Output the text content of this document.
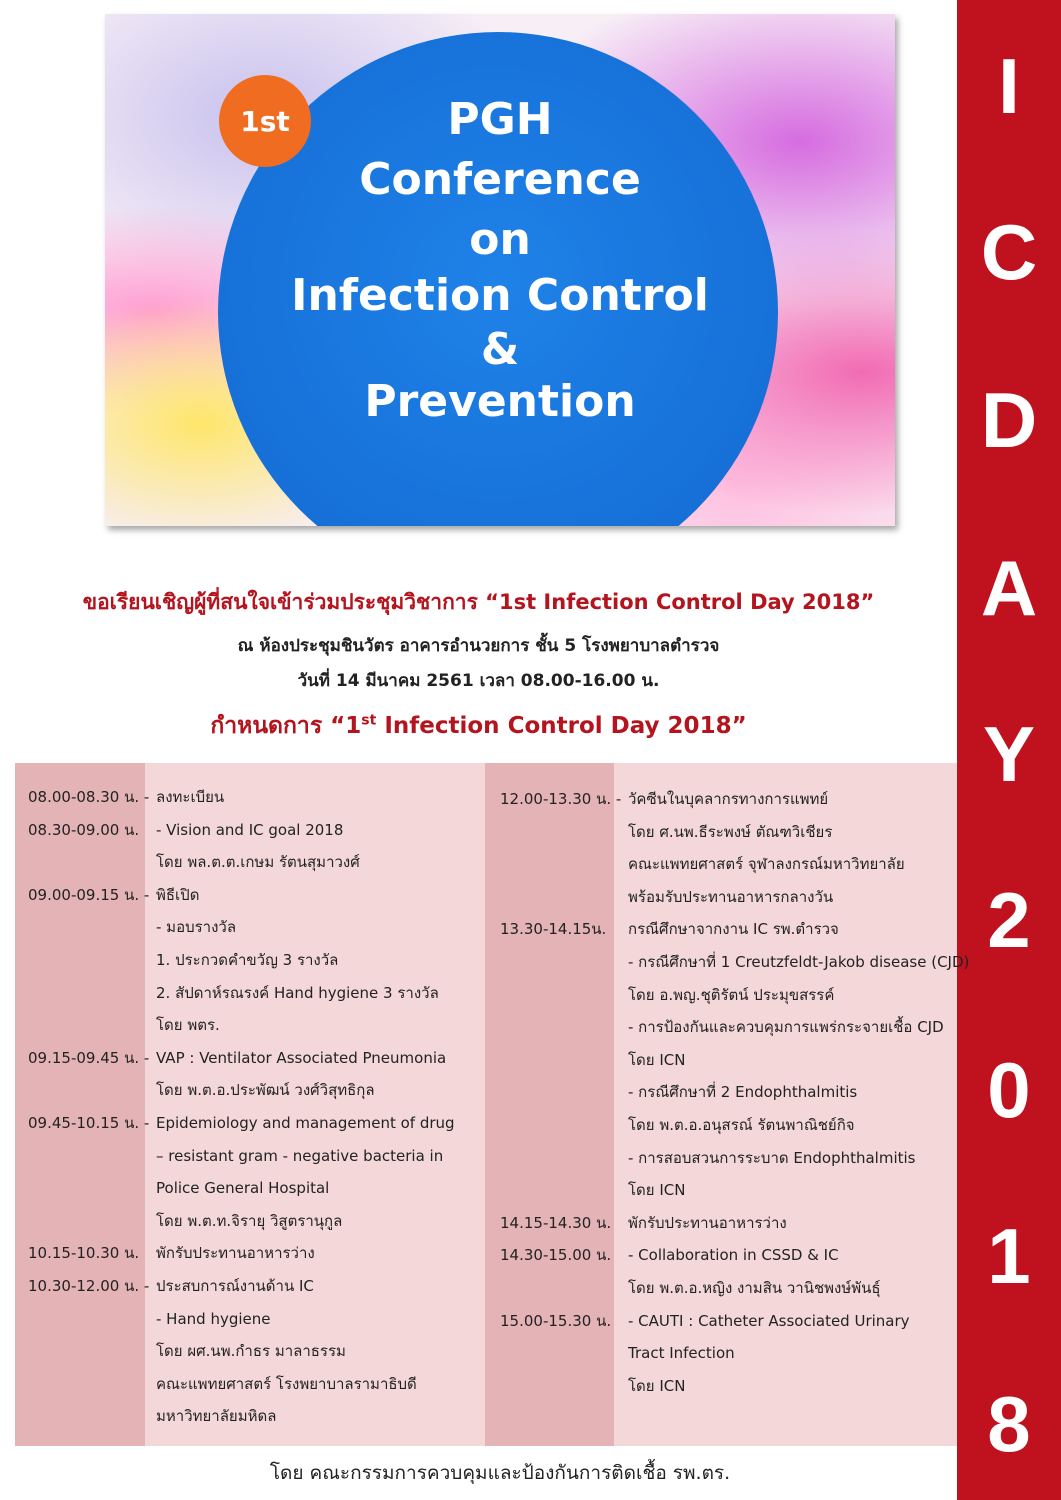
I
C
D
A
Y
2
0
1
8
1st	PGH
Conference
on
Infection Control
&
Prevention
ขอเรียนเชิญผู้ที่สนใจเข้าร่วมประชุมวิชาการ “1st Infection Control Day 2018”
ณ ห้องประชุมชินวัตร อาคารอำนวยการ ชั้น 5 โรงพยาบาลตำรวจ
วันที่ 14 มีนาคม 2561 เวลา 08.00-16.00 น.
กำหนดการ “1st Infection Control Day 2018”
08.00-08.30 น. - ลงทะเบียน
08.30-09.00 น. - Vision and IC goal 2018
โดย พล.ต.ต.เกษม รัตนสุมาวงศ์
09.00-09.15 น. - พิธีเปิด
- มอบรางวัล
1. ประกวดคำขวัญ 3 รางวัล
2. สัปดาห์รณรงค์ Hand hygiene 3 รางวัล
โดย พตร.
09.15-09.45 น. - VAP : Ventilator Associated Pneumonia
โดย พ.ต.อ.ประพัฒน์ วงศ์วิสุทธิกุล
09.45-10.15 น. - Epidemiology and management of drug
– resistant gram - negative bacteria in
Police General Hospital
โดย พ.ต.ท.จิรายุ วิสูตรานุกูล
10.15-10.30 น. พักรับประทานอาหารว่าง
10.30-12.00 น. - ประสบการณ์งานด้าน IC
- Hand hygiene
โดย ผศ.นพ.กำธร มาลาธรรม
คณะแพทยศาสตร์ โรงพยาบาลรามาธิบดี
มหาวิทยาลัยมหิดล
12.00-13.30 น. - วัคซีนในบุคลากรทางการแพทย์
โดย ศ.นพ.ธีระพงษ์ ตัณฑวิเชียร
คณะแพทยศาสตร์ จุฬาลงกรณ์มหาวิทยาลัย
พร้อมรับประทานอาหารกลางวัน
13.30-14.15น. กรณีศึกษาจากงาน IC รพ.ตำรวจ
- กรณีศึกษาที่ 1 Creutzfeldt-Jakob disease (CJD)
โดย อ.พญ.ชุติรัตน์ ประมุขสรรค์
- การป้องกันและควบคุมการแพร่กระจายเชื้อ CJD
โดย ICN
- กรณีศึกษาที่ 2 Endophthalmitis
โดย พ.ต.อ.อนุสรณ์ รัตนพาณิชย์กิจ
- การสอบสวนการระบาด Endophthalmitis
โดย ICN
14.15-14.30 น. พักรับประทานอาหารว่าง
14.30-15.00 น. - Collaboration in CSSD & IC
โดย พ.ต.อ.หญิง งามสิน วานิชพงษ์พันธุ์
15.00-15.30 น. - CAUTI : Catheter Associated Urinary
Tract Infection
โดย ICN
โดย คณะกรรมการควบคุมและป้องกันการติดเชื้อ รพ.ตร.
